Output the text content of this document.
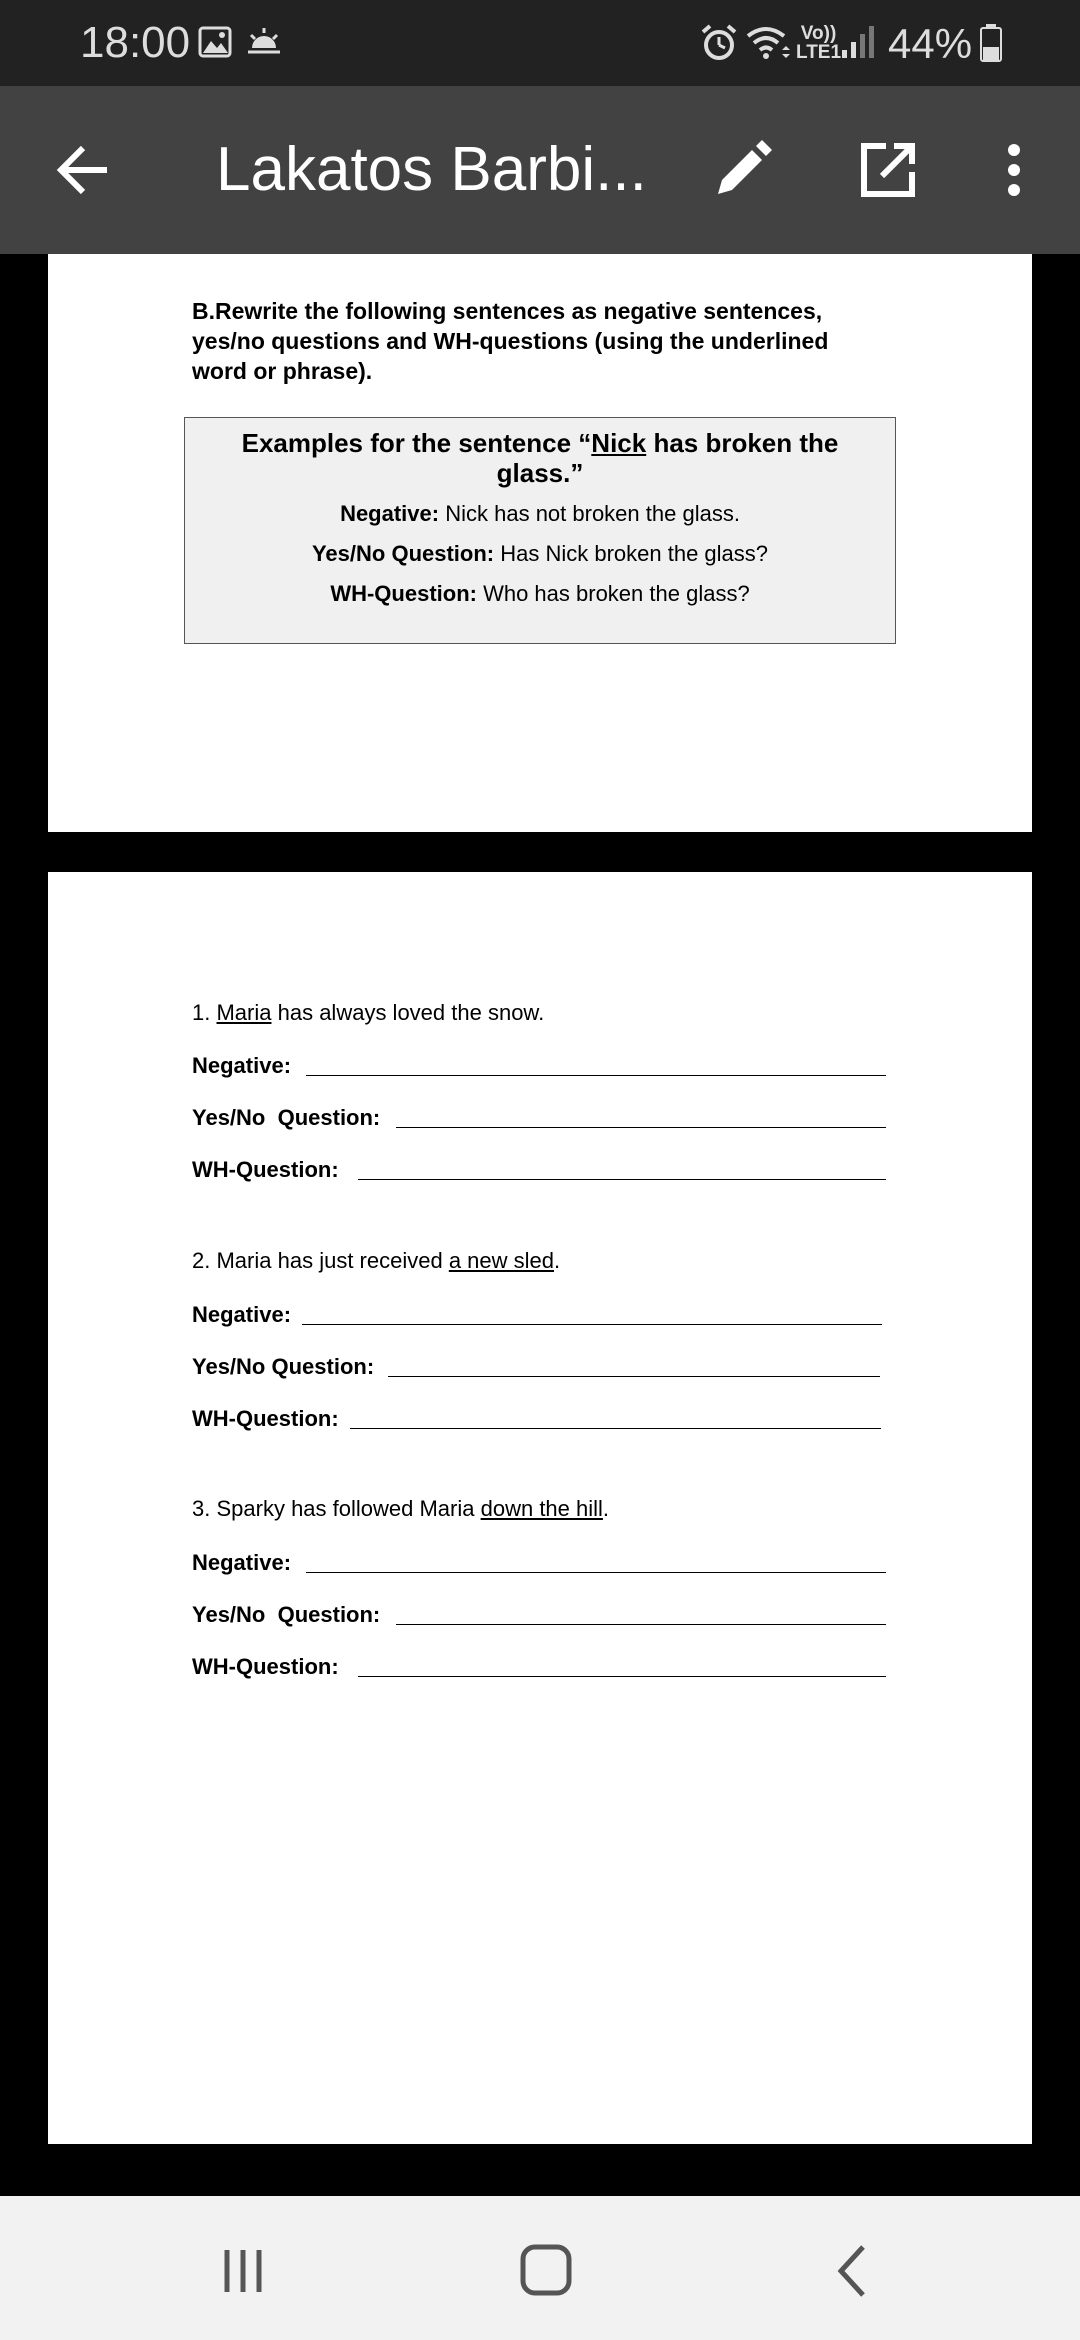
18:00	Vo))
LTE1 44%
Lakatos Barbi...
B.Rewrite the following sentences as negative sentences, yes/no questions and WH-questions (using the underlined word or phrase).
Examples for the sentence “Nick has broken the glass.”
Negative: Nick has not broken the glass.
Yes/No Question: Has Nick broken the glass?
WH-Question: Who has broken the glass?
1. Maria has always loved the snow.
Negative:
Yes/No  Question:
WH-Question:
2. Maria has just received a new sled.
Negative:
Yes/No Question:
WH-Question:
3. Sparky has followed Maria down the hill.
Negative:
Yes/No  Question:
WH-Question:
